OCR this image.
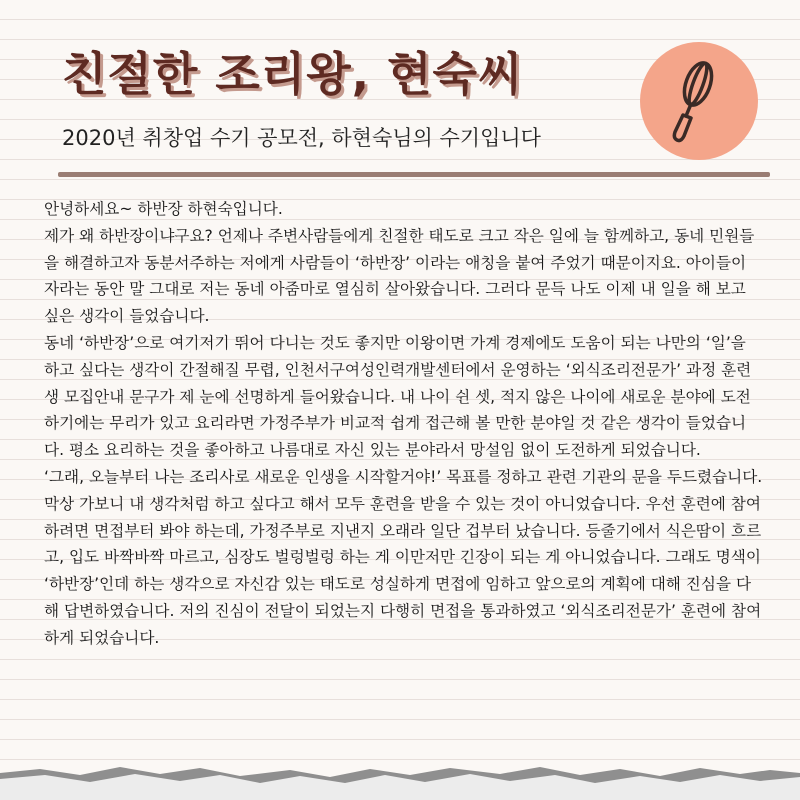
친절한 조리왕, 현숙씨
2020년 취창업 수기 공모전, 하현숙님의 수기입니다

안녕하세요~ 하반장 하현숙입니다.

제가 왜 하반장이냐구요? 언제나 주변사람들에게 친절한 태도로 크고 작은 일에 늘 함께하고, 동네 민원들을 해결하고자 동분서주하는 저에게 사람들이 ‘하반장’ 이라는 애칭을 붙여 주었기 때문이지요. 아이들이 자라는 동안 말 그대로 저는 동네 아줌마로 열심히 살아왔습니다. 그러다 문득 나도 이제 내 일을 해 보고 싶은 생각이 들었습니다.

동네 ‘하반장’으로 여기저기 뛰어 다니는 것도 좋지만 이왕이면 가계 경제에도 도움이 되는 나만의 ‘일’을 하고 싶다는 생각이 간절해질 무렵, 인천서구여성인력개발센터에서 운영하는 ‘외식조리전문가’ 과정 훈련생 모집안내 문구가 제 눈에 선명하게 들어왔습니다. 내 나이 쉰 셋, 적지 않은 나이에 새로운 분야에 도전하기에는 무리가 있고 요리라면 가정주부가 비교적 쉽게 접근해 볼 만한 분야일 것 같은 생각이 들었습니다. 평소 요리하는 것을 좋아하고 나름대로 자신 있는 분야라서 망설임 없이 도전하게 되었습니다.

‘그래, 오늘부터 나는 조리사로 새로운 인생을 시작할거야!’ 목표를 정하고 관련 기관의 문을 두드렸습니다. 막상 가보니 내 생각처럼 하고 싶다고 해서 모두 훈련을 받을 수 있는 것이 아니었습니다. 우선 훈련에 참여하려면 면접부터 봐야 하는데, 가정주부로 지낸지 오래라 일단 겁부터 났습니다. 등줄기에서 식은땀이 흐르고, 입도 바짝바짝 마르고, 심장도 벌렁벌렁 하는 게 이만저만 긴장이 되는 게 아니었습니다. 그래도 명색이 ‘하반장’인데 하는 생각으로 자신감 있는 태도로 성실하게 면접에 임하고 앞으로의 계획에 대해 진심을 다해 답변하였습니다. 저의 진심이 전달이 되었는지 다행히 면접을 통과하였고 ‘외식조리전문가’ 훈련에 참여 하게 되었습니다.
